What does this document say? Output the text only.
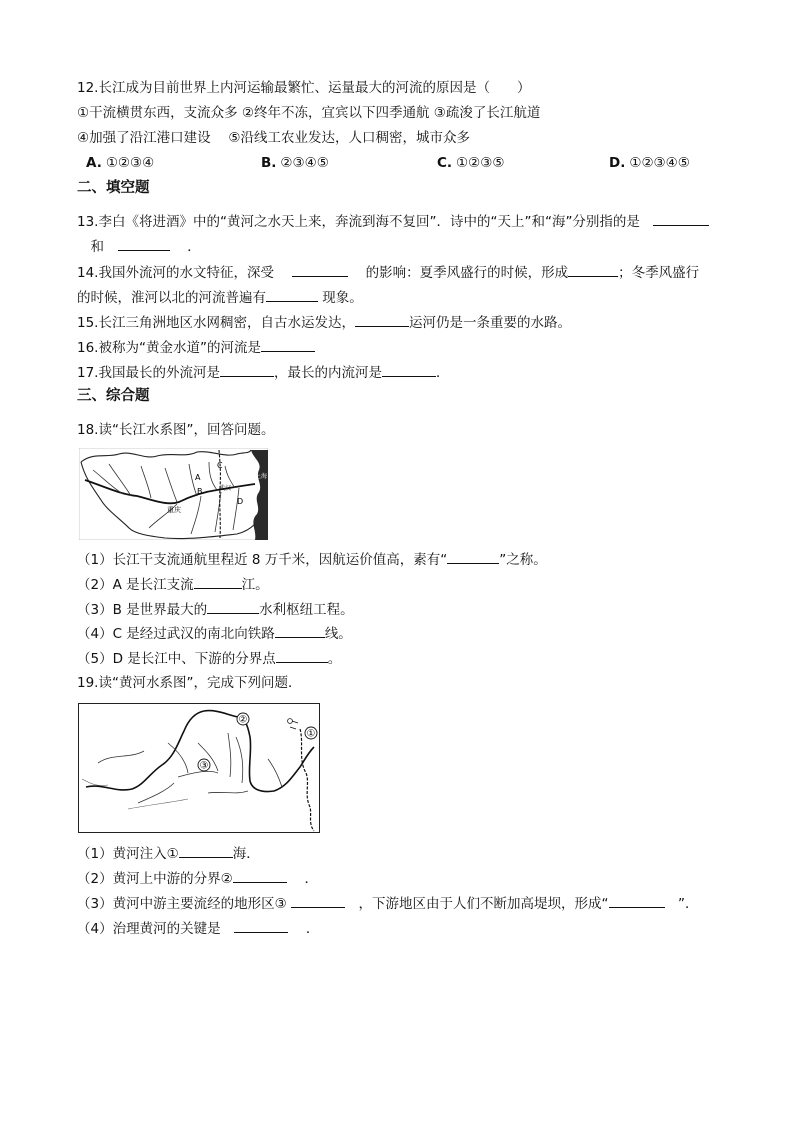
12.长江成为目前世界上内河运输最繁忙、运量最大的河流的原因是（　　）
①干流横贯东西，支流众多 ②终年不冻，宜宾以下四季通航 ③疏浚了长江航道
④加强了沿江港口建设　 ⑤沿线工农业发达，人口稠密，城市众多
A. ①②③④	B. ②③④⑤	C. ①②③⑤	D. ①②③④⑤
二、填空题
13.李白《将进酒》中的“黄河之水天上来，奔流到海不复回”．诗中的“天上”和“海”分别指的是　
　和　　	．
14.我国外流河的水文特征，深受　 　	的影响：夏季风盛行的时候，形成	；冬季风盛行
的时候，淮河以北的河流普遍有	现象。
15.长江三角洲地区水网稠密，自古水运发达，	运河仍是一条重要的水路。
16.被称为“黄金水道”的河流是
17.我国最长的外流河是	，最长的内流河是	．
三、综合题
18.读“长江水系图”，回答问题。
A
B
C
D
重庆
武汉
上海
（1）长江干支流通航里程近 8 万千米，因航运价值高，素有“	”之称。
（2）A 是长江支流	江。
（3）B 是世界最大的	水利枢纽工程。
（4）C 是经过武汉的南北向铁路	线。
（5）D 是长江中、下游的分界点	。
19.读“黄河水系图”，完成下列问题．
②
①
③
（1）黄河注入①	海．
（2）黄河上中游的分界②　	．
（3）黄河中游主要流经的地形区③ 　	，下游地区由于人们不断加高堤坝，形成“　	”．
（4）治理黄河的关键是　　	．
